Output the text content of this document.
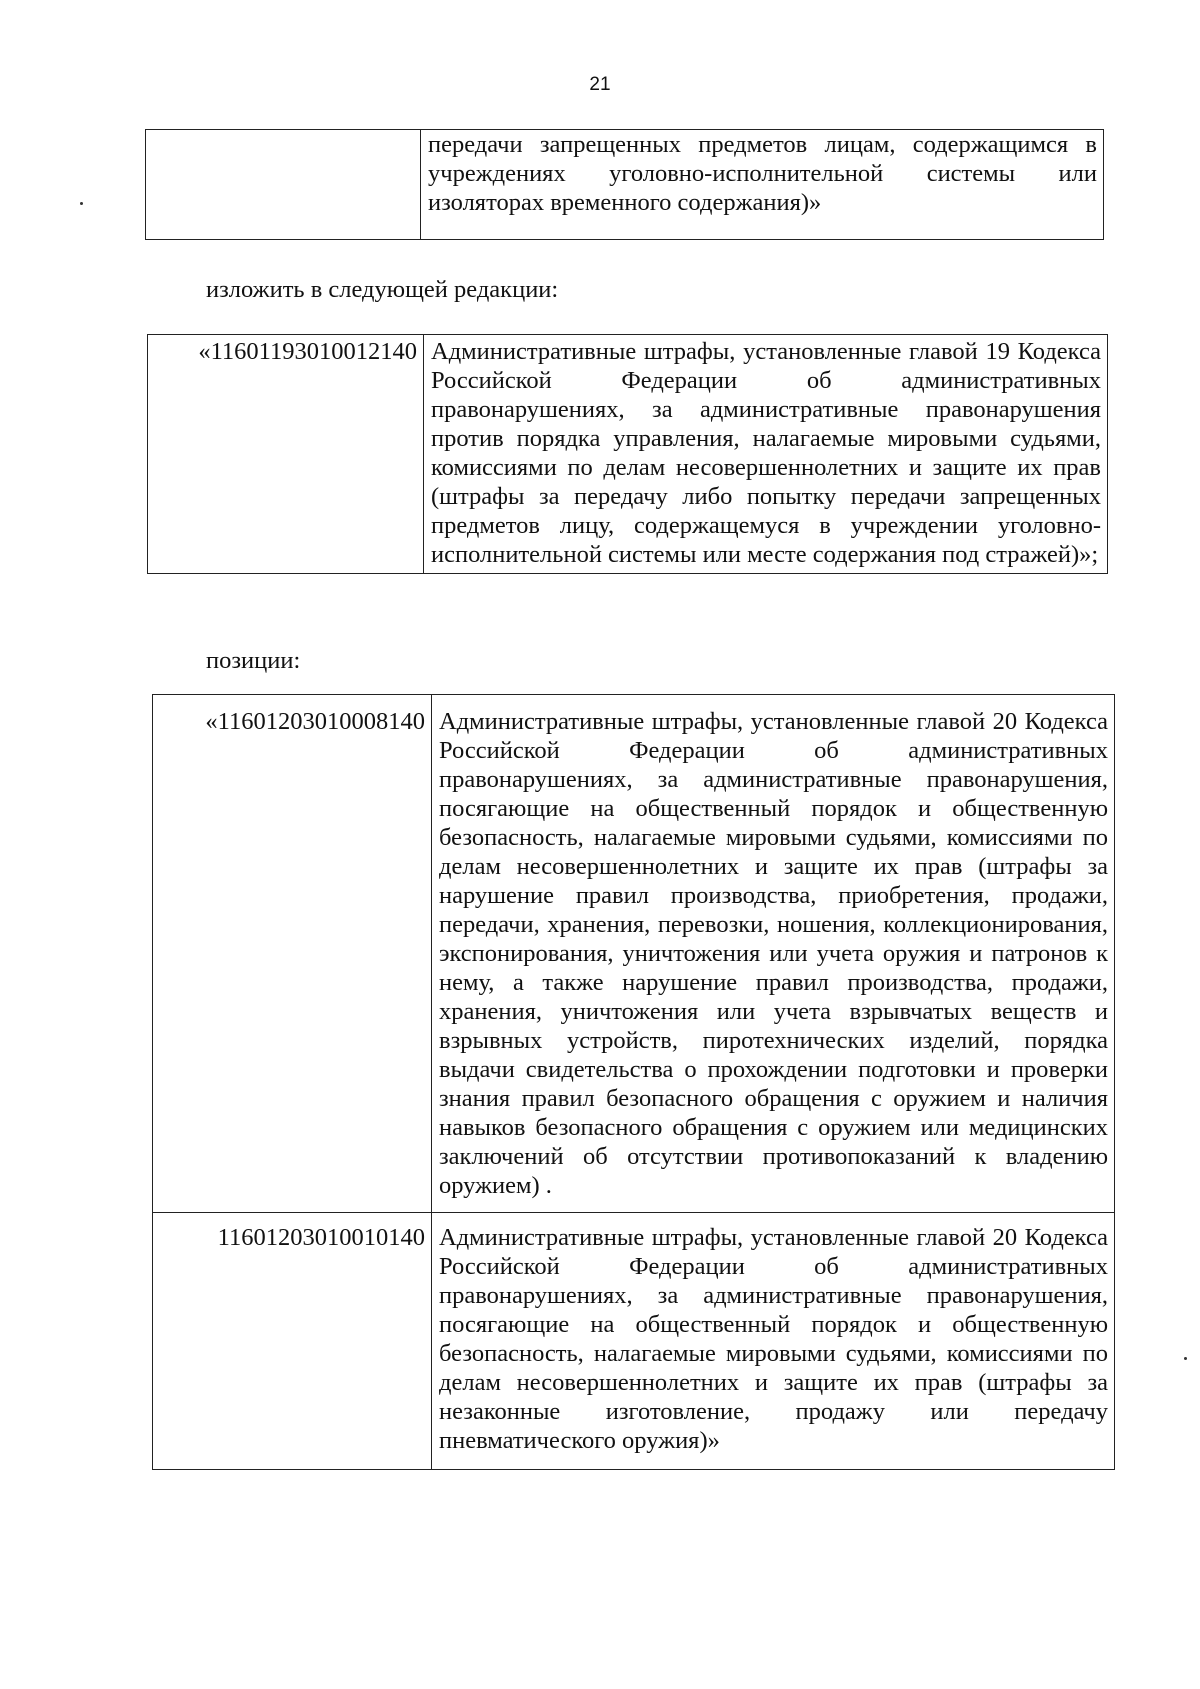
21
	передачи запрещенных предметов лицам, содержащимся в учреждениях уголовно-исполнительной системы или изоляторах временного содержания)»
изложить в следующей редакции:
«11601193010012140	Административные штрафы, установленные главой 19 Кодекса Российской Федерации об административных правонарушениях, за административные правонарушения против порядка управления, налагаемые мировыми судьями, комиссиями по делам несовершеннолетних и защите их прав (штрафы за передачу либо попытку передачи запрещенных предметов лицу, содержащемуся в учреждении уголовно-исполнительной системы или месте содержания под стражей)»;
позиции:
«11601203010008140	Административные штрафы, установленные главой 20 Кодекса Российской Федерации об административных правонарушениях, за административные правонарушения, посягающие на общественный порядок и общественную безопасность, налагаемые мировыми судьями, комиссиями по делам несовершеннолетних и защите их прав (штрафы за нарушение правил производства, приобретения, продажи, передачи, хранения, перевозки, ношения, коллекционирования, экспонирования, уничтожения или учета оружия и патронов к нему, а также нарушение правил производства, продажи, хранения, уничтожения или учета взрывчатых веществ и взрывных устройств, пиротехнических изделий, порядка выдачи свидетельства о прохождении подготовки и проверки знания правил безопасного обращения с оружием и наличия навыков безопасного обращения с оружием или медицинских заключений об отсутствии противопоказаний к владению оружием) .
11601203010010140	Административные штрафы, установленные главой 20 Кодекса Российской Федерации об административных правонарушениях, за административные правонарушения, посягающие на общественный порядок и общественную безопасность, налагаемые мировыми судьями, комиссиями по делам несовершеннолетних и защите их прав (штрафы за незаконные изготовление, продажу или передачу пневматического оружия)»
